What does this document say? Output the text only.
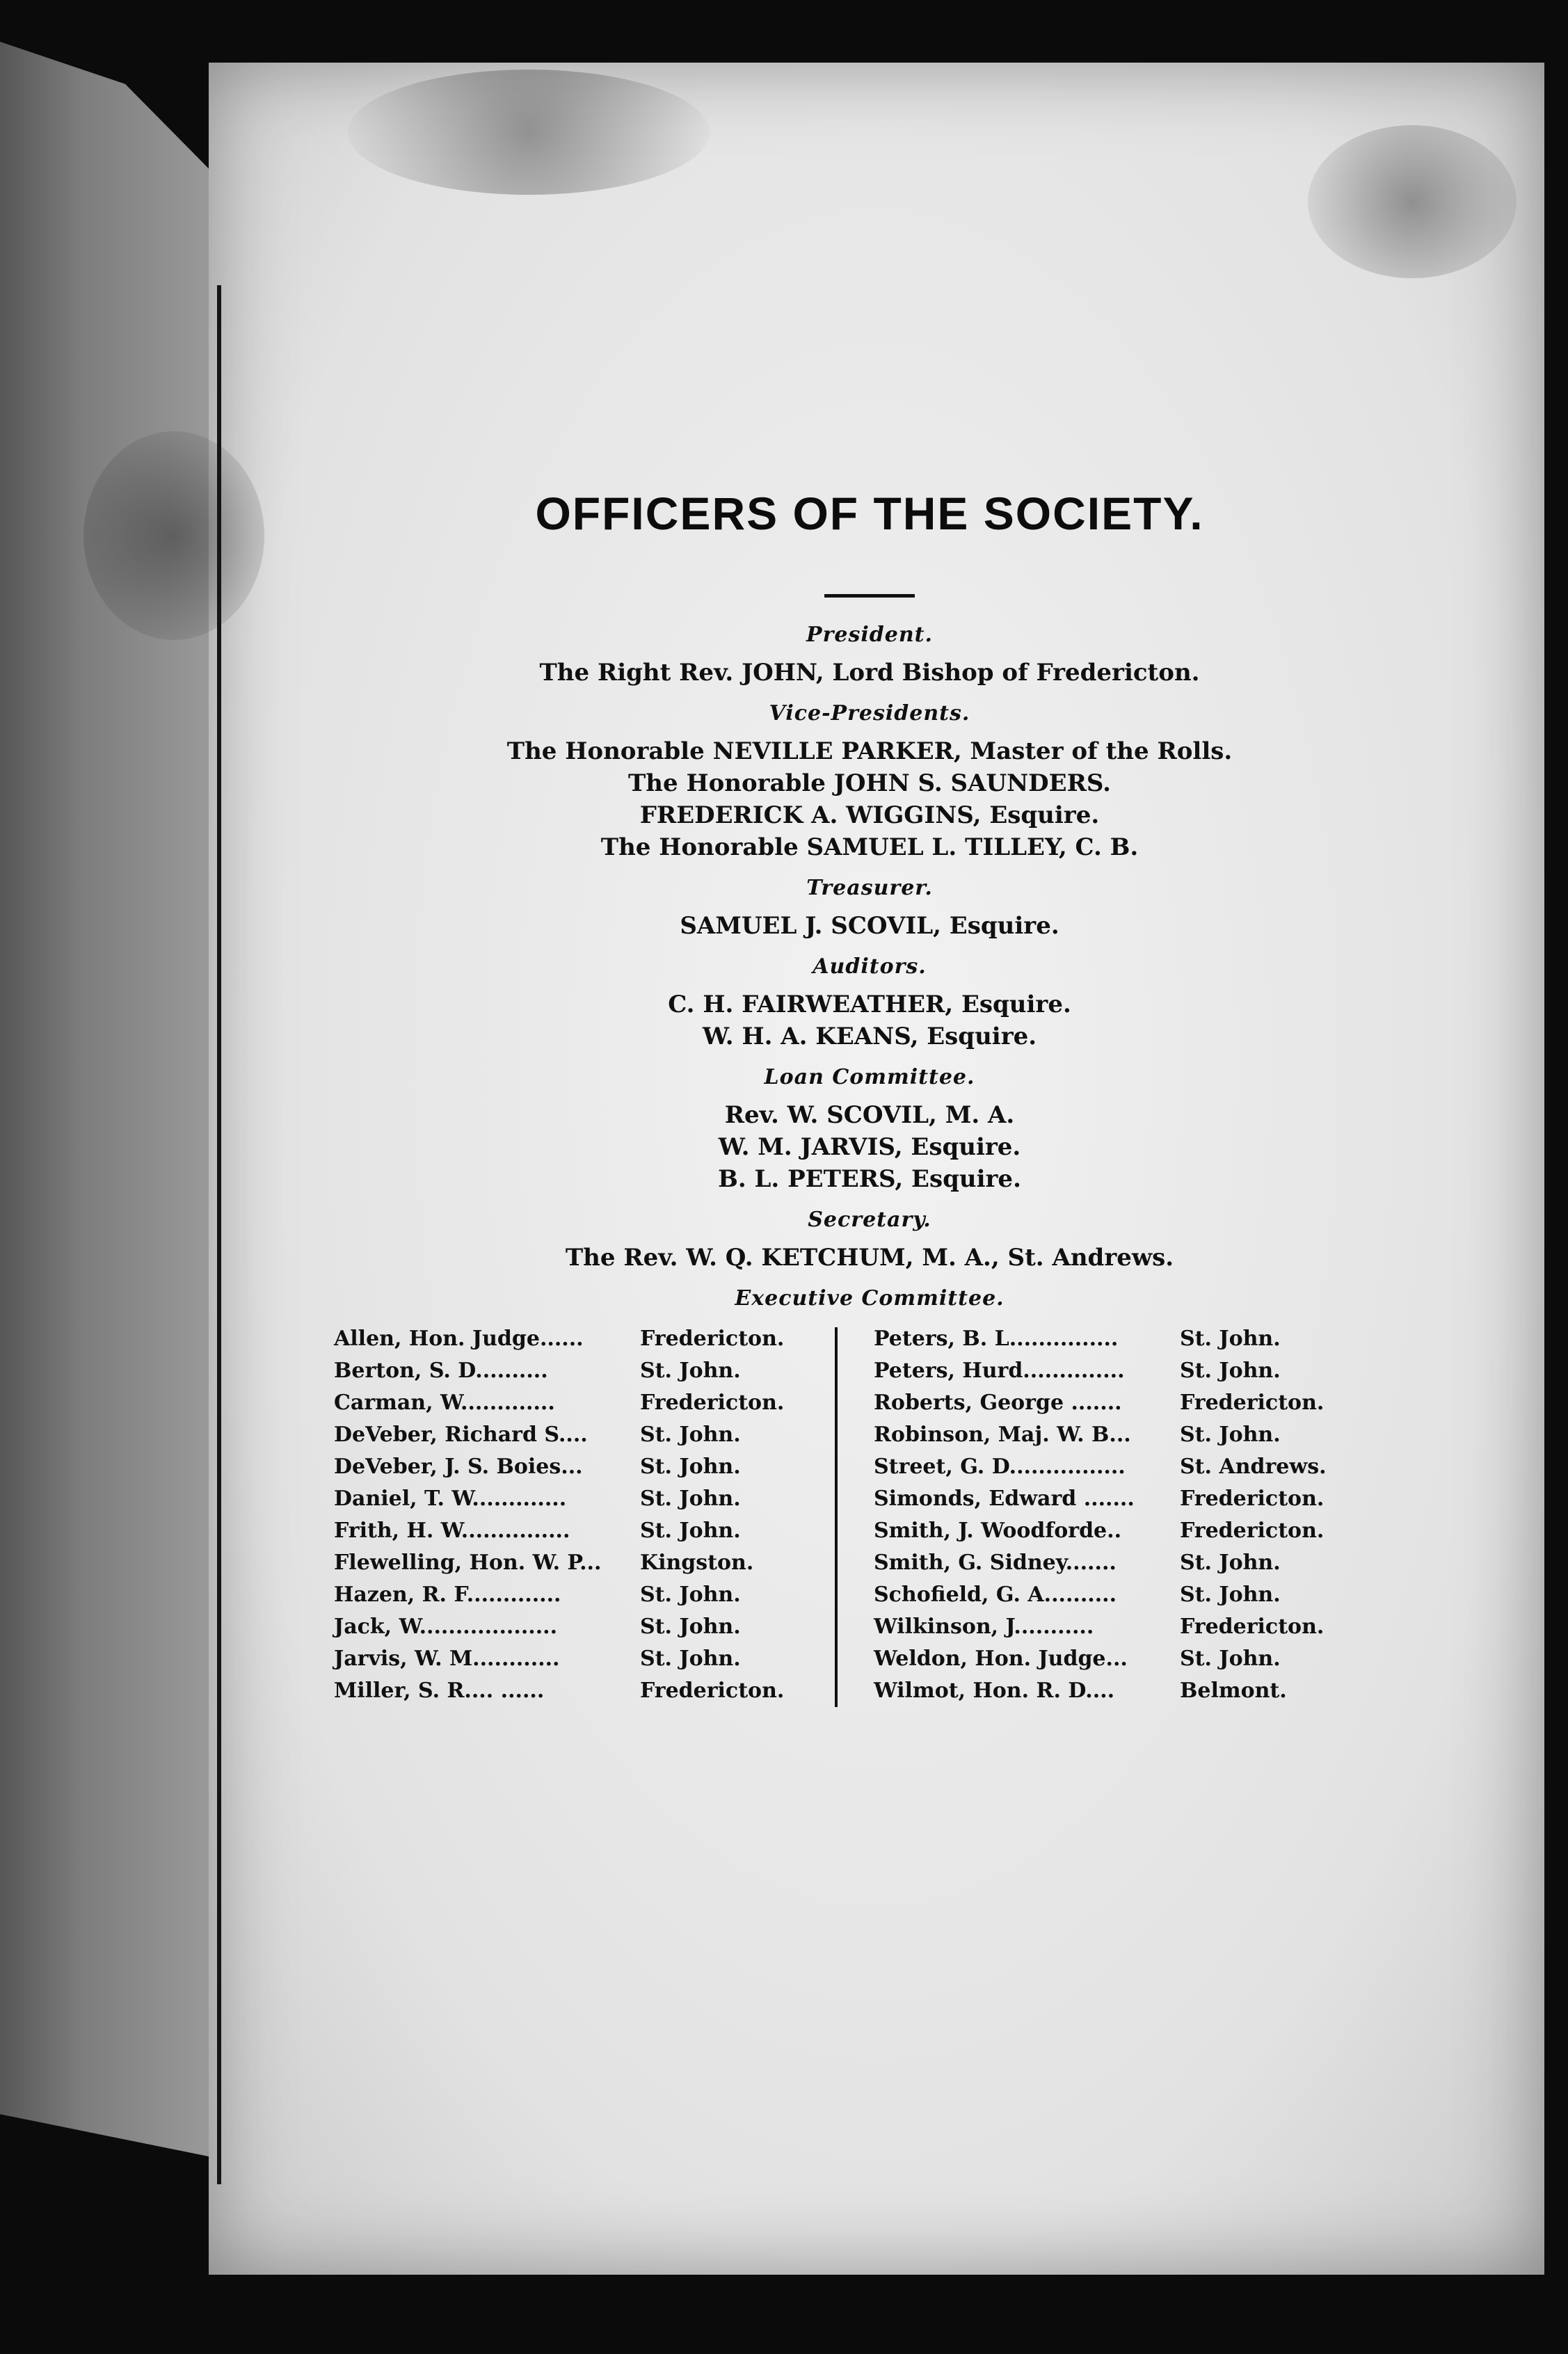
OFFICERS OF THE SOCIETY.
President.
The Right Rev. JOHN, Lord Bishop of Fredericton.
Vice-Presidents.
The Honorable NEVILLE PARKER, Master of the Rolls.
The Honorable JOHN S. SAUNDERS.
FREDERICK A. WIGGINS, Esquire.
The Honorable SAMUEL L. TILLEY, C. B.
Treasurer.
SAMUEL J. SCOVIL, Esquire.
Auditors.
C. H. FAIRWEATHER, Esquire.
W. H. A. KEANS, Esquire.
Loan Committee.
Rev. W. SCOVIL, M. A.
W. M. JARVIS, Esquire.
B. L. PETERS, Esquire.
Secretary.
The Rev. W. Q. KETCHUM, M. A., St. Andrews.
Executive Committee.
Allen, Hon. Judge......	Fredericton.
Berton, S. D..........	St. John.
Carman, W.............	Fredericton.
DeVeber, Richard S....	St. John.
DeVeber, J. S. Boies...	St. John.
Daniel, T. W.............	St. John.
Frith, H. W...............	St. John.
Flewelling, Hon. W. P...	Kingston.
Hazen, R. F.............	St. John.
Jack, W...................	St. John.
Jarvis, W. M............	St. John.
Miller, S. R.... ......	Fredericton.
Peters, B. L...............	St. John.
Peters, Hurd..............	St. John.
Roberts, George .......	Fredericton.
Robinson, Maj. W. B...	St. John.
Street, G. D................	St. Andrews.
Simonds, Edward .......	Fredericton.
Smith, J. Woodforde..	Fredericton.
Smith, G. Sidney.......	St. John.
Schofield, G. A..........	St. John.
Wilkinson, J...........	Fredericton.
Weldon, Hon. Judge...	St. John.
Wilmot, Hon. R. D....	Belmont.
